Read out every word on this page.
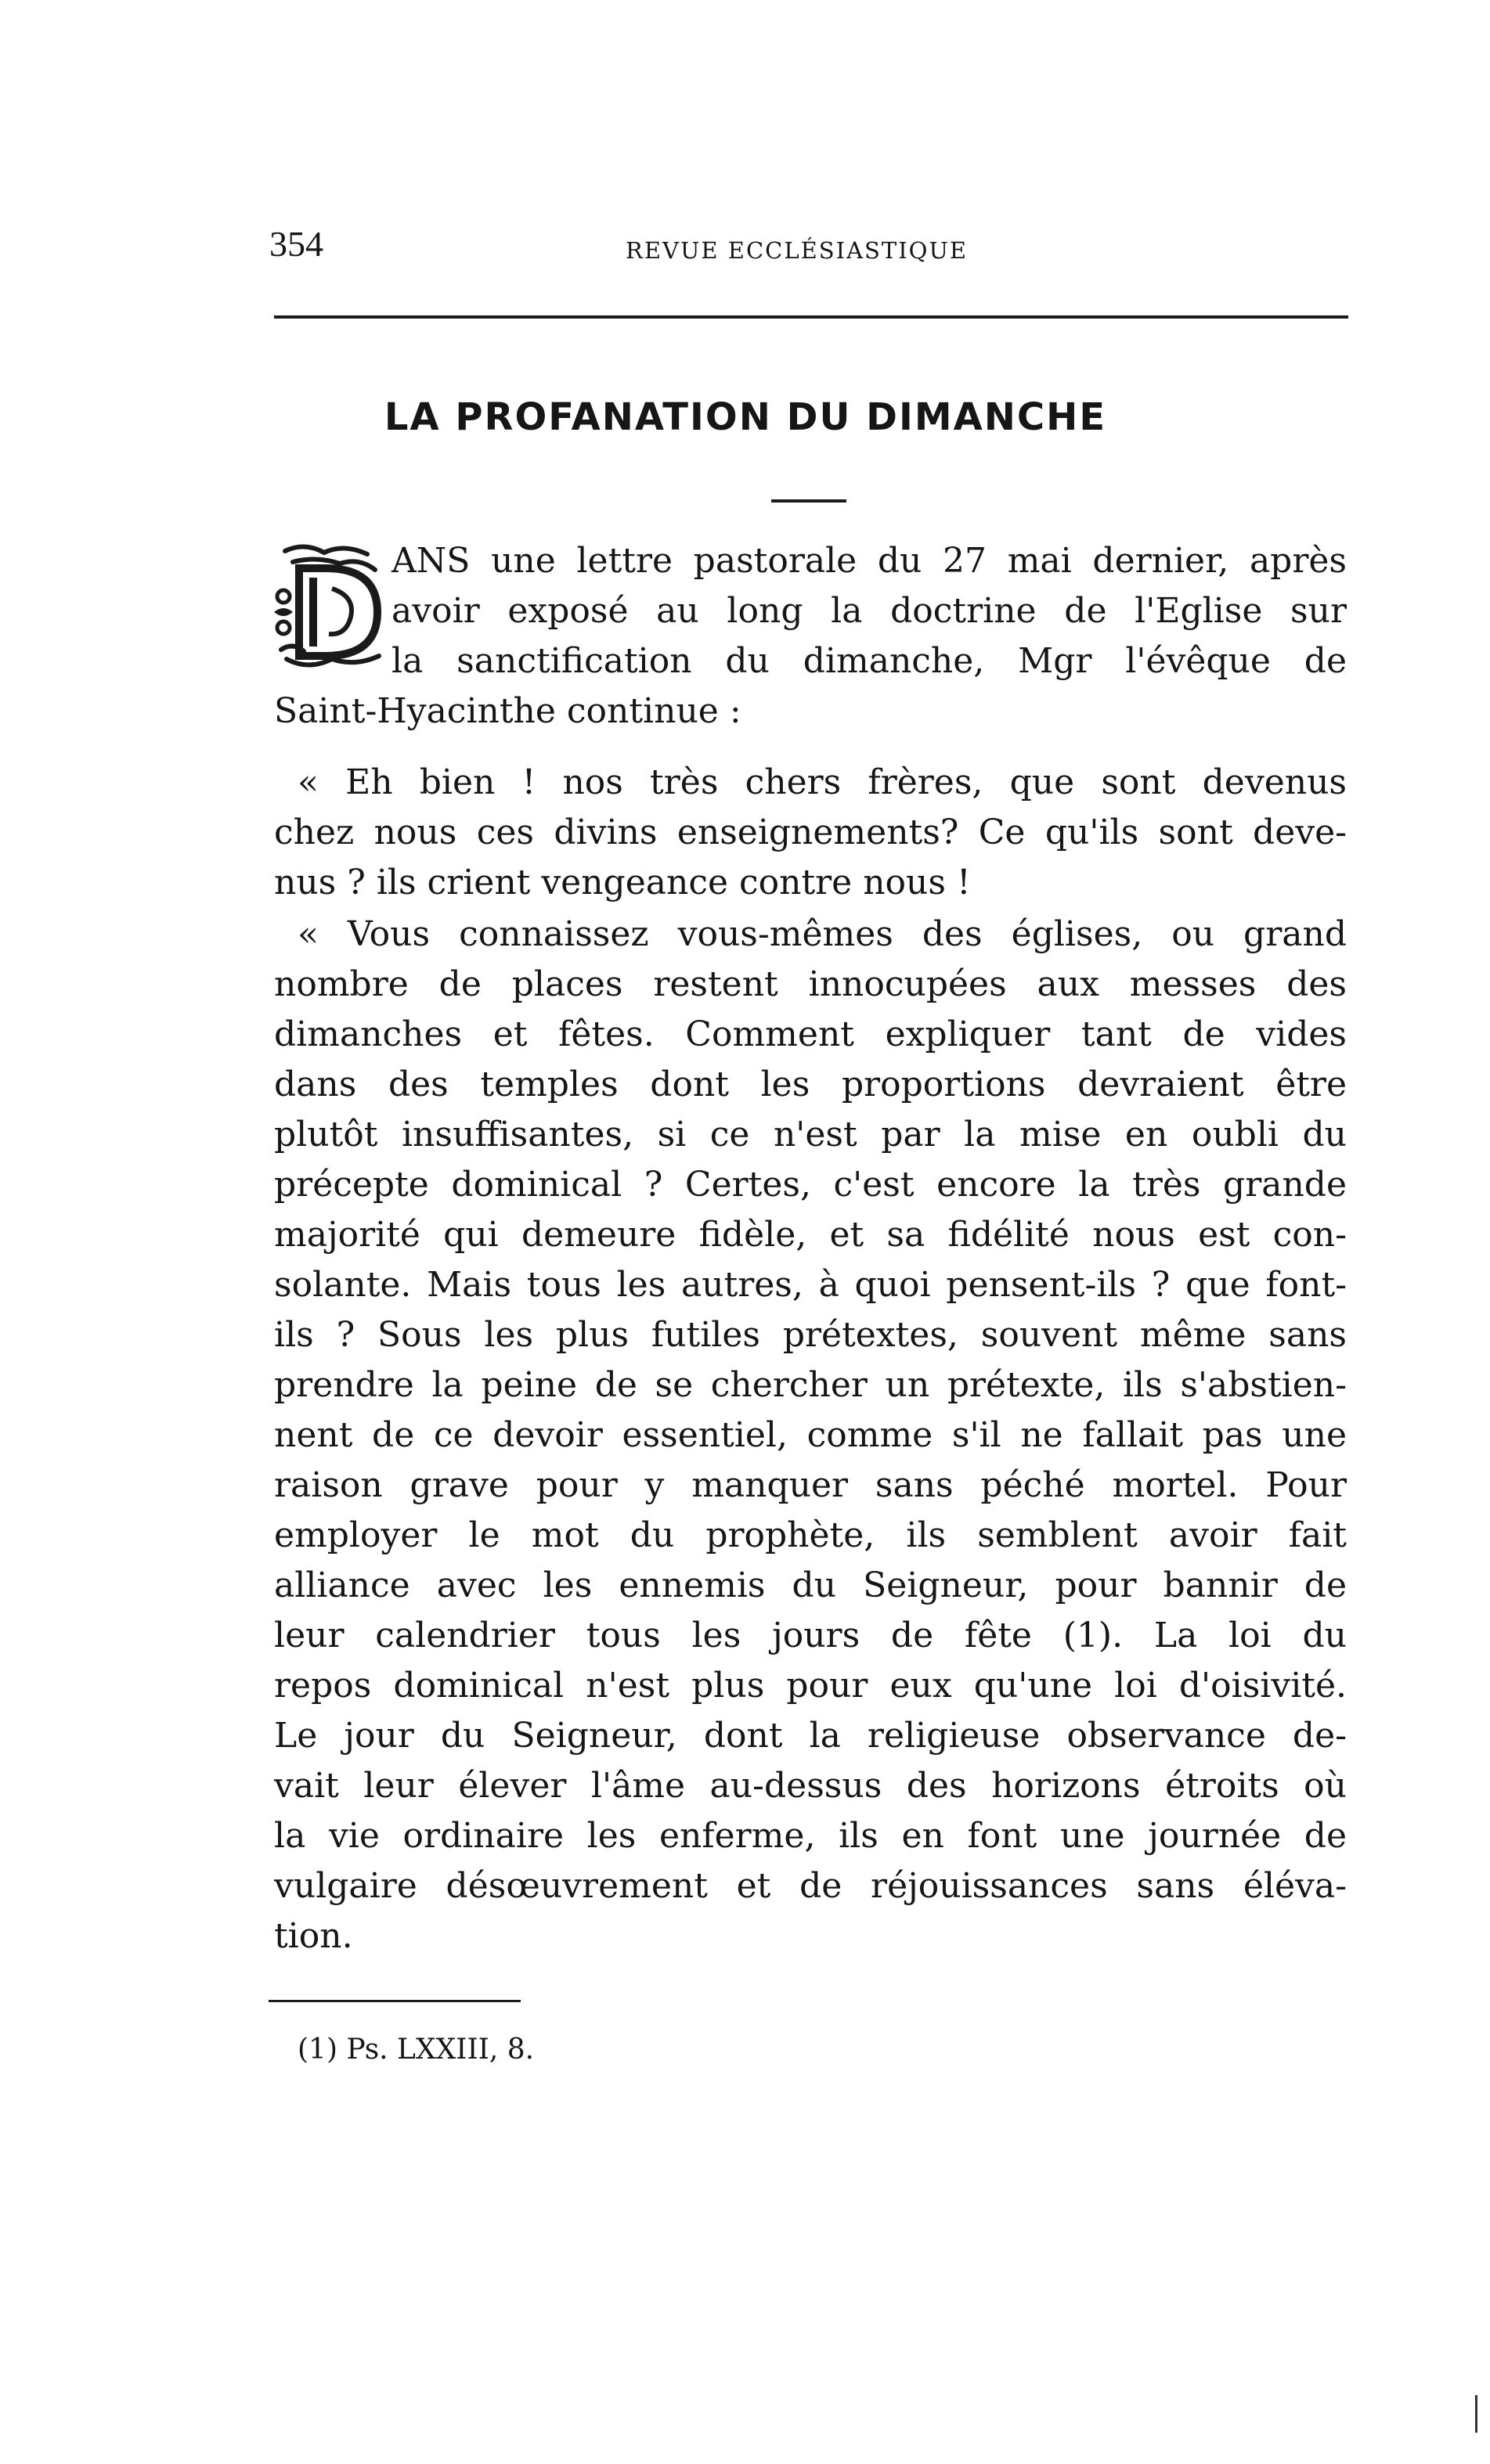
354	REVUE ECCLÉSIASTIQUE
LA PROFANATION DU DIMANCHE
ANS une lettre pastorale du 27 mai dernier, après
avoir exposé au long la doctrine de l'Eglise sur
la sanctification du dimanche, Mgr l'évêque de
Saint-Hyacinthe continue :
« Eh bien ! nos très chers frères, que sont devenus
chez nous ces divins enseignements? Ce qu'ils sont deve-
nus ? ils crient vengeance contre nous !
« Vous connaissez vous-mêmes des églises, ou grand
nombre de places restent innocupées aux messes des
dimanches et fêtes. Comment expliquer tant de vides
dans des temples dont les proportions devraient être
plutôt insuffisantes, si ce n'est par la mise en oubli du
précepte dominical ? Certes, c'est encore la très grande
majorité qui demeure fidèle, et sa fidélité nous est con-
solante. Mais tous les autres, à quoi pensent-ils ? que font-
ils ? Sous les plus futiles prétextes, souvent même sans
prendre la peine de se chercher un prétexte, ils s'abstien-
nent de ce devoir essentiel, comme s'il ne fallait pas une
raison grave pour y manquer sans péché mortel. Pour
employer le mot du prophète, ils semblent avoir fait
alliance avec les ennemis du Seigneur, pour bannir de
leur calendrier tous les jours de fête (1). La loi du
repos dominical n'est plus pour eux qu'une loi d'oisivité.
Le jour du Seigneur, dont la religieuse observance de-
vait leur élever l'âme au-dessus des horizons étroits où
la vie ordinaire les enferme, ils en font une journée de
vulgaire désœuvrement et de réjouissances sans éléva-
tion.
(1) Ps. LXXIII, 8.
